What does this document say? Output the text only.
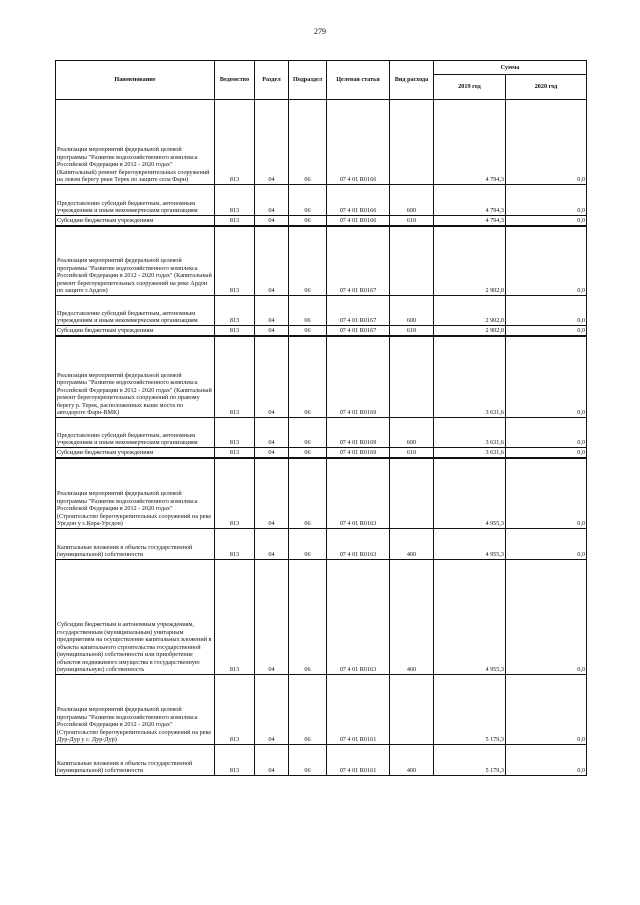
279
Наименование	Ведомство	Раздел	Подраздел	Целевая статья	Вид расхода	Сумма	
						2019 год	2020 год
Реализация мероприятий федеральной целевой программы "Развитие водохозяйственного комплекса Российской Федерации в 2012 - 2020 годах" (Капитальный) ремонт берегоукрепительных сооружений на левом берегу реки Терек по защите села Фарн)	813	04	06	07 4 01 R0166		4 794,3	0,0
Предоставление субсидий бюджетным, автономным учреждениям и иным некоммерческим организациям	813	04	06	07 4 01 R0166	600	4 794,3	0,0
Субсидии бюджетным учреждениям	813	04	06	07 4 01 R0166	610	4 794,3	0,0
Реализация мероприятий федеральной целевой программы "Развитие водохозяйственного комплекса Российской Федерации в 2012 - 2020 годах" (Капитальный ремонт берегоукрепительных сооружений на реке Ардон по защите г.Ардон)	813	04	06	07 4 01 R0167		2 902,0	0,0
Предоставление субсидий бюджетным, автономным учреждениям и иным некоммерческим организациям	813	04	06	07 4 01 R0167	600	2 902,0	0,0
Субсидии бюджетным учреждениям	813	04	06	07 4 01 R0167	610	2 902,0	0,0
Реализация мероприятий федеральной целевой программы "Развитие водохозяйственного комплекса Российской Федерации в 2012 - 2020 годах" (Капитальный ремонт берегоукрепительных сооружений по правому берегу р. Терек, расположенных выше моста по автодороге Фарн-ВМК)	813	04	06	07 4 01 R0169		3 631,6	0,0
Предоставление субсидий бюджетным, автономным учреждениям и иным некоммерческим организациям	813	04	06	07 4 01 R0169	600	3 631,6	0,0
Субсидии бюджетным учреждениям	813	04	06	07 4 01 R0169	610	3 631,6	0,0
Реализация мероприятий федеральной целевой программы "Развитие водохозяйственного комплекса Российской Федерации в 2012 - 2020 годах" (Строительство берегоукрепительных сооружений на реке Урсдон у с.Кора-Урсдон)	813	04	06	07 4 01 R0163		4 955,3	0,0
Капитальные вложения в объекты государственной (муниципальной) собственности	813	04	06	07 4 01 R0163	400	4 955,3	0,0
Субсидии бюджетным и автономным учреждениям, государственным (муниципальным) унитарным предприятиям на осуществление капитальных вложений в объекты капитального строительства государственной (муниципальной) собственности или приобретение объектов недвижимого имущества в государственную (муниципальную) собственность	813	04	06	07 4 01 R0163	460	4 955,3	0,0
Реализация мероприятий федеральной целевой программы "Развитие водохозяйственного комплекса Российской Федерации в 2012 - 2020 годах" (Строительство берегоукрепительных сооружений на реке Дур-Дур у с. Дур-Дур)	813	04	06	07 4 01 R0161		5 179,3	0,0
Капитальные вложения в объекты государственной (муниципальной) собственности	813	04	06	07 4 01 R0161	400	5 179,3	0,0
